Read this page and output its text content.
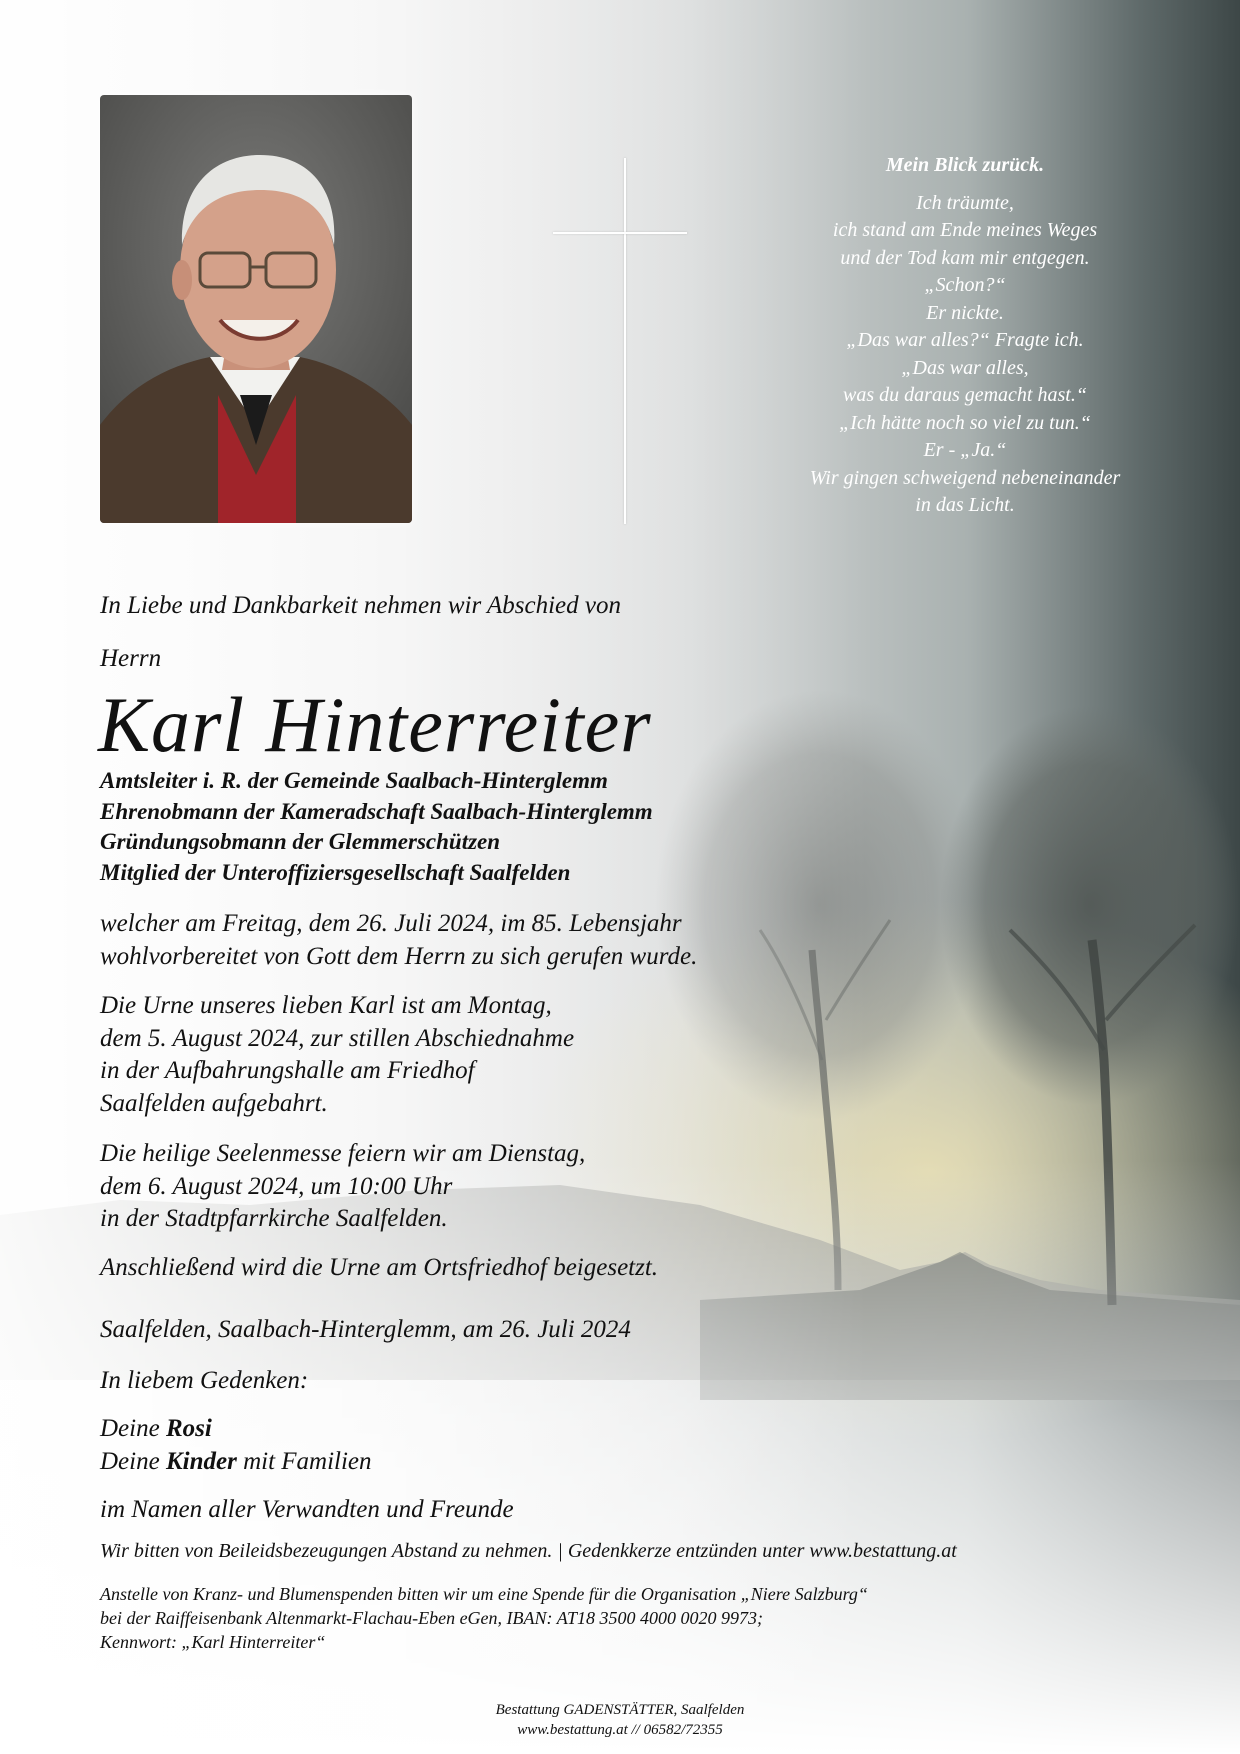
Mein Blick zurück.
Ich träumte,
ich stand am Ende meines Weges
und der Tod kam mir entgegen.
„Schon?“
Er nickte.
„Das war alles?“ Fragte ich.
„Das war alles,
was du daraus gemacht hast.“
„Ich hätte noch so viel zu tun.“
Er - „Ja.“
Wir gingen schweigend nebeneinander
in das Licht.
In Liebe und Dankbarkeit nehmen wir Abschied von
Herrn
Karl Hinterreiter
Amtsleiter i. R. der Gemeinde Saalbach-Hinterglemm
Ehrenobmann der Kameradschaft Saalbach-Hinterglemm
Gründungsobmann der Glemmerschützen
Mitglied der Unteroffiziersgesellschaft Saalfelden
welcher am Freitag, dem 26. Juli 2024, im 85. Lebensjahr
wohlvorbereitet von Gott dem Herrn zu sich gerufen wurde.
Die Urne unseres lieben Karl ist am Montag,
dem 5. August 2024, zur stillen Abschiednahme
in der Aufbahrungshalle am Friedhof
Saalfelden aufgebahrt.
Die heilige Seelenmesse feiern wir am Dienstag,
dem 6. August 2024, um 10:00 Uhr
in der Stadtpfarrkirche Saalfelden.
Anschließend wird die Urne am Ortsfriedhof beigesetzt.
Saalfelden, Saalbach-Hinterglemm, am 26. Juli 2024
In liebem Gedenken:
Deine Rosi
Deine Kinder mit Familien
im Namen aller Verwandten und Freunde
Wir bitten von Beileidsbezeugungen Abstand zu nehmen. | Gedenkkerze entzünden unter www.bestattung.at
Anstelle von Kranz- und Blumenspenden bitten wir um eine Spende für die Organisation „Niere Salzburg“
bei der Raiffeisenbank Altenmarkt-Flachau-Eben eGen, IBAN: AT18 3500 4000 0020 9973;
Kennwort: „Karl Hinterreiter“
Bestattung GADENSTÄTTER, Saalfelden
www.bestattung.at // 06582/72355
